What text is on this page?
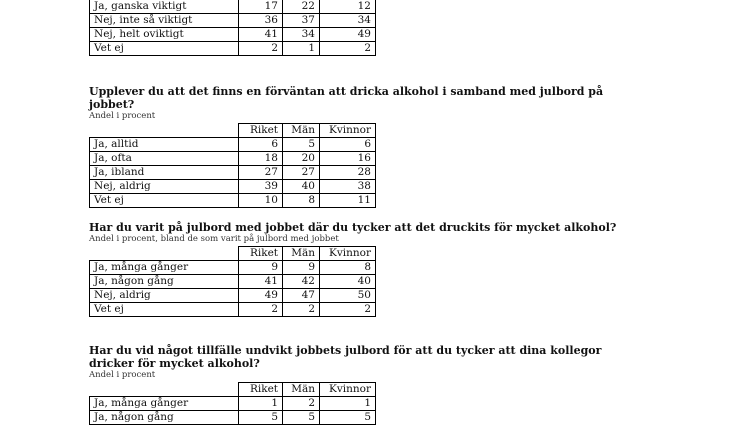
Ja, ganska viktigt	17	22	12
Nej, inte så viktigt	36	37	34
Nej, helt oviktigt	41	34	49
Vet ej	2	1	2

Upplever du att det finns en förväntan att dricka alkohol i samband med julbord på jobbet?

Andel i procent

	Riket	Män	Kvinnor
Ja, alltid	6	5	6
Ja, ofta	18	20	16
Ja, ibland	27	27	28
Nej, aldrig	39	40	38
Vet ej	10	8	11

Har du varit på julbord med jobbet där du tycker att det druckits för mycket alkohol?

Andel i procent, bland de som varit på julbord med jobbet

	Riket	Män	Kvinnor
Ja, många gånger	9	9	8
Ja, någon gång	41	42	40
Nej, aldrig	49	47	50
Vet ej	2	2	2

Har du vid något tillfälle undvikt jobbets julbord för att du tycker att dina kollegor dricker för mycket alkohol?

Andel i procent

	Riket	Män	Kvinnor
Ja, många gånger	1	2	1
Ja, någon gång	5	5	5
